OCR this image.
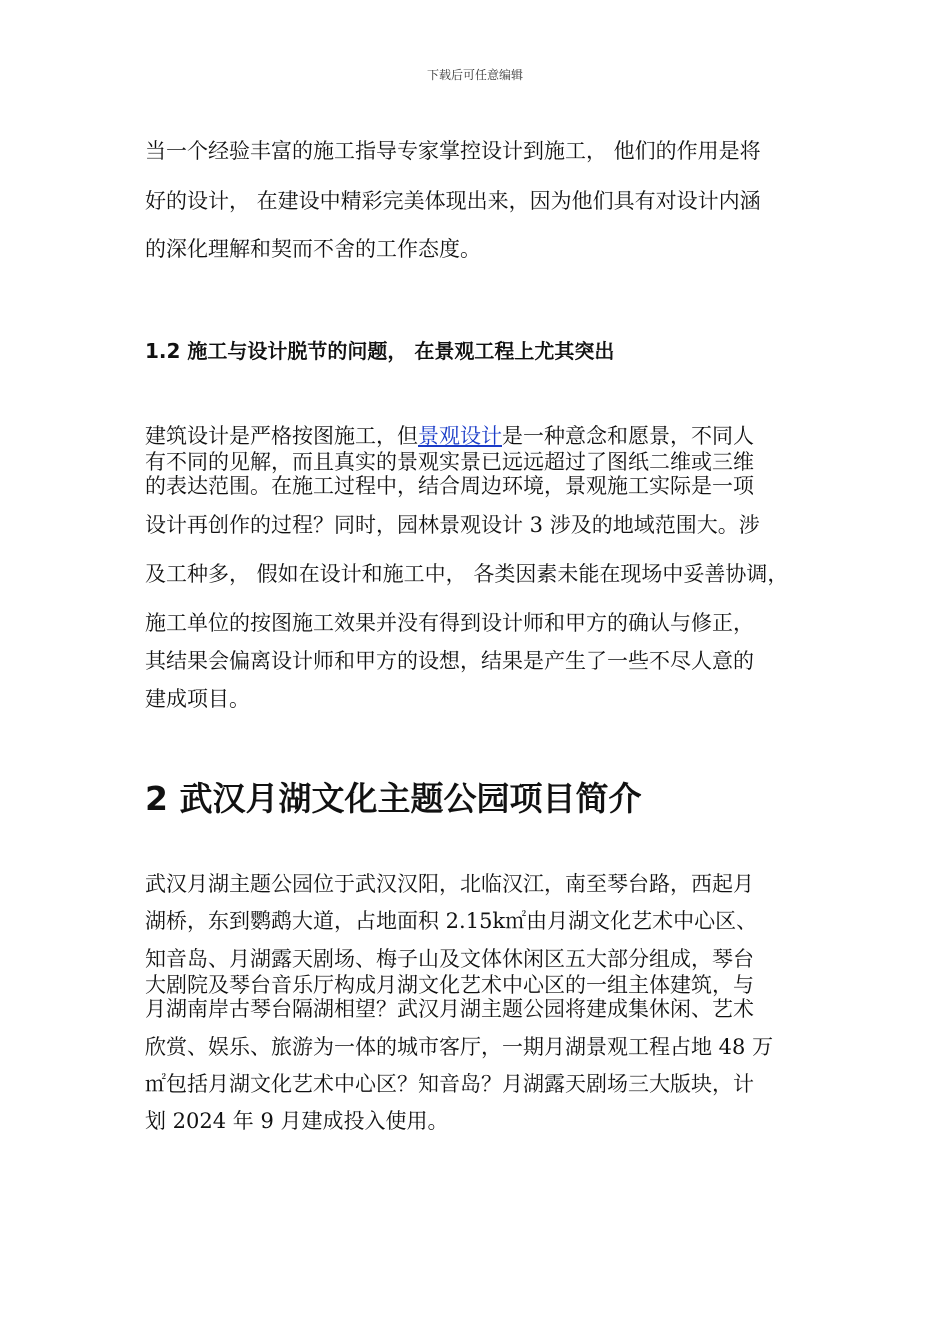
下载后可任意编辑
当一个经验丰富的施工指导专家掌控设计到施工， 他们的作用是将
好的设计， 在建设中精彩完美体现出来，因为他们具有对设计内涵
的深化理解和契而不舍的工作态度。
1.2 施工与设计脱节的问题， 在景观工程上尤其突出
建筑设计是严格按图施工，但景观设计是一种意念和愿景，不同人
有不同的见解，而且真实的景观实景已远远超过了图纸二维或三维
的表达范围。在施工过程中，结合周边环境，景观施工实际是一项
设计再创作的过程？同时，园林景观设计 3 涉及的地域范围大。涉
及工种多， 假如在设计和施工中， 各类因素未能在现场中妥善协调，
施工单位的按图施工效果并没有得到设计师和甲方的确认与修正，
其结果会偏离设计师和甲方的设想，结果是产生了一些不尽人意的
建成项目。
2 武汉月湖文化主题公园项目简介
武汉月湖主题公园位于武汉汉阳，北临汉江，南至琴台路，西起月
湖桥，东到鹦鹉大道，占地面积 2.15k㎡由月湖文化艺术中心区、
知音岛、月湖露天剧场、梅子山及文体休闲区五大部分组成，琴台
大剧院及琴台音乐厅构成月湖文化艺术中心区的一组主体建筑，与
月湖南岸古琴台隔湖相望？武汉月湖主题公园将建成集休闲、艺术
欣赏、娱乐、旅游为一体的城市客厅，一期月湖景观工程占地 48 万
㎡包括月湖文化艺术中心区？知音岛？月湖露天剧场三大版块，计
划 2024 年 9 月建成投入使用。
